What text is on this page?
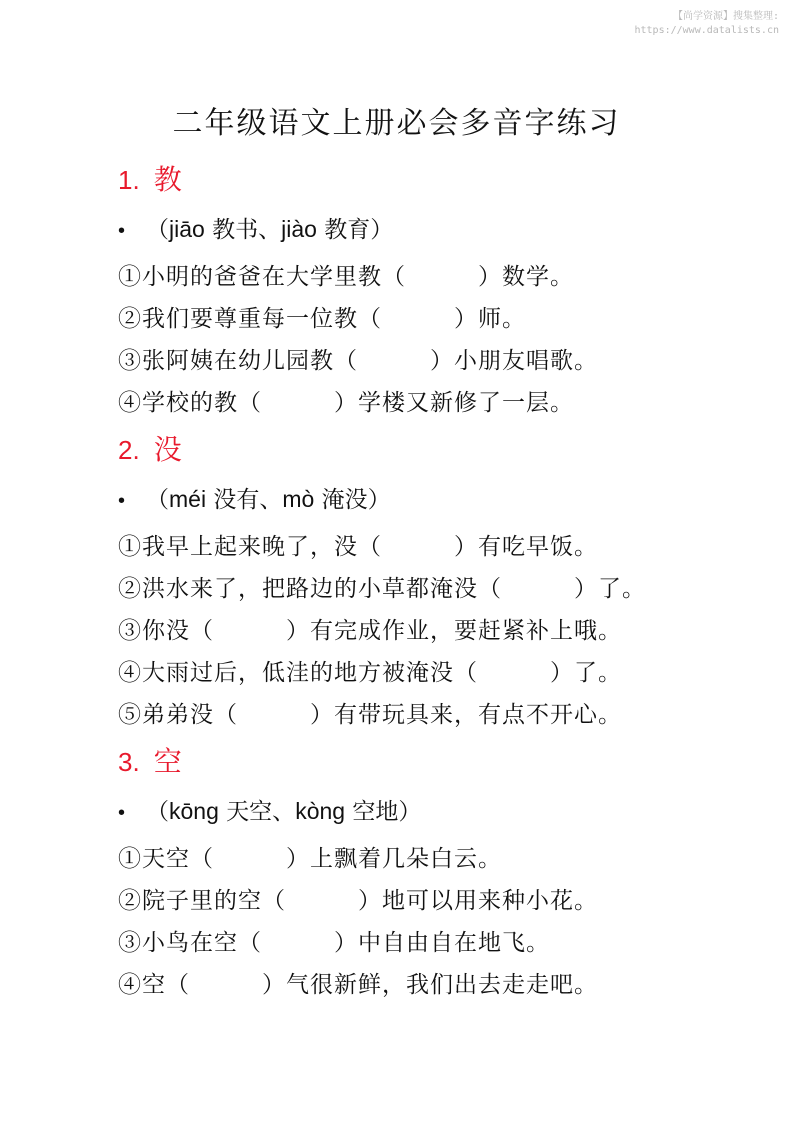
【尚学资源】搜集整理:
https://www.datalists.cn
二年级语文上册必会多音字练习
1. 教
• （jiāo 教书、jiào 教育）
①小明的爸爸在大学里教（　　　）数学。
②我们要尊重每一位教（　　　）师。
③张阿姨在幼儿园教（　　　）小朋友唱歌。
④学校的教（　　　）学楼又新修了一层。
2. 没
• （méi 没有、mò 淹没）
①我早上起来晚了，没（　　　）有吃早饭。
②洪水来了，把路边的小草都淹没（　　　）了。
③你没（　　　）有完成作业，要赶紧补上哦。
④大雨过后，低洼的地方被淹没（　　　）了。
⑤弟弟没（　　　）有带玩具来，有点不开心。
3. 空
• （kōng 天空、kòng 空地）
①天空（　　　）上飘着几朵白云。
②院子里的空（　　　）地可以用来种小花。
③小鸟在空（　　　）中自由自在地飞。
④空（　　　）气很新鲜，我们出去走走吧。
